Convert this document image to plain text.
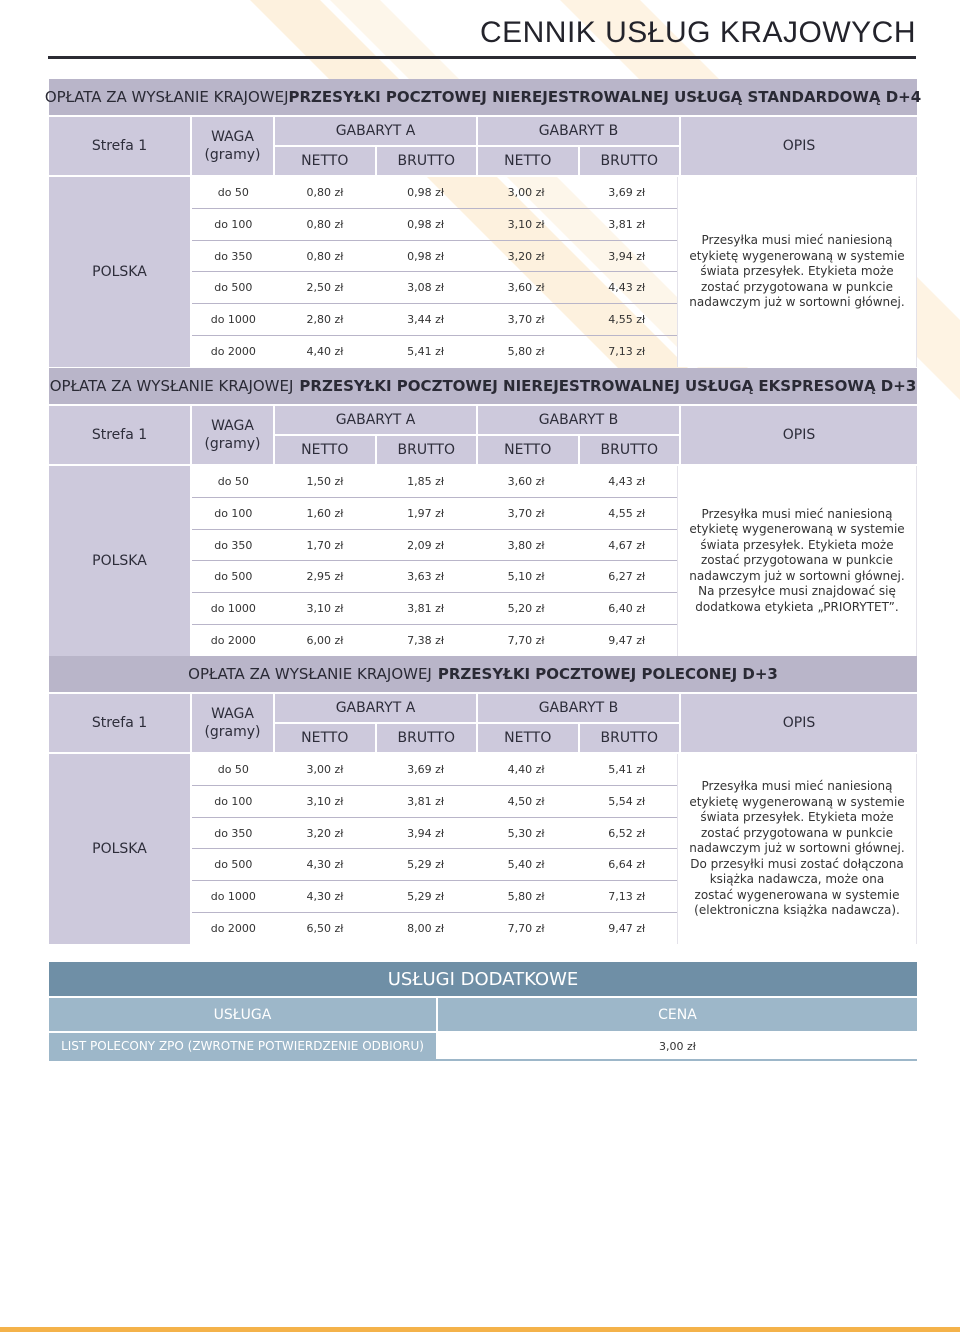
CENNIK USŁUG KRAJOWYCH
OPŁATA ZA WYSŁANIE KRAJOWEJ PRZESYŁKI POCZTOWEJ NIEREJESTROWALNEJ USŁUGĄ STANDARDOWĄ D+4
Strefa 1
WAGA
(gramy)
GABARYT A	GABARYT B
NETTO	BRUTTO	NETTO	BRUTTO
OPIS
POLSKA
do 50	0,80 zł	0,98 zł	3,00 zł	3,69 zł
do 100	0,80 zł	0,98 zł	3,10 zł	3,81 zł
do 350	0,80 zł	0,98 zł	3,20 zł	3,94 zł
do 500	2,50 zł	3,08 zł	3,60 zł	4,43 zł
do 1000	2,80 zł	3,44 zł	3,70 zł	4,55 zł
do 2000	4,40 zł	5,41 zł	5,80 zł	7,13 zł
Przesyłka musi mieć naniesioną
etykietę wygenerowaną w systemie
świata przesyłek. Etykieta może
zostać przygotowana w punkcie
nadawczym już w sortowni głównej.
OPŁATA ZA WYSŁANIE KRAJOWEJ PRZESYŁKI POCZTOWEJ NIEREJESTROWALNEJ USŁUGĄ EKSPRESOWĄ D+3
Strefa 1
WAGA
(gramy)
GABARYT A	GABARYT B
NETTO	BRUTTO	NETTO	BRUTTO
OPIS
POLSKA
do 50	1,50 zł	1,85 zł	3,60 zł	4,43 zł
do 100	1,60 zł	1,97 zł	3,70 zł	4,55 zł
do 350	1,70 zł	2,09 zł	3,80 zł	4,67 zł
do 500	2,95 zł	3,63 zł	5,10 zł	6,27 zł
do 1000	3,10 zł	3,81 zł	5,20 zł	6,40 zł
do 2000	6,00 zł	7,38 zł	7,70 zł	9,47 zł
Przesyłka musi mieć naniesioną
etykietę wygenerowaną w systemie
świata przesyłek. Etykieta może
zostać przygotowana w punkcie
nadawczym już w sortowni głównej.
Na przesyłce musi znajdować się
dodatkowa etykieta „PRIORYTET”.
OPŁATA ZA WYSŁANIE KRAJOWEJ PRZESYŁKI POCZTOWEJ POLECONEJ D+3
Strefa 1
WAGA
(gramy)
GABARYT A	GABARYT B
NETTO	BRUTTO	NETTO	BRUTTO
OPIS
POLSKA
do 50	3,00 zł	3,69 zł	4,40 zł	5,41 zł
do 100	3,10 zł	3,81 zł	4,50 zł	5,54 zł
do 350	3,20 zł	3,94 zł	5,30 zł	6,52 zł
do 500	4,30 zł	5,29 zł	5,40 zł	6,64 zł
do 1000	4,30 zł	5,29 zł	5,80 zł	7,13 zł
do 2000	6,50 zł	8,00 zł	7,70 zł	9,47 zł
Przesyłka musi mieć naniesioną
etykietę wygenerowaną w systemie
świata przesyłek. Etykieta może
zostać przygotowana w punkcie
nadawczym już w sortowni głównej.
Do przesyłki musi zostać dołączona
książka nadawcza, może ona
zostać wygenerowana w systemie
(elektroniczna książka nadawcza).
USŁUGI DODATKOWE
USŁUGA	CENA
LIST POLECONY ZPO (ZWROTNE POTWIERDZENIE ODBIORU)	3,00 zł
